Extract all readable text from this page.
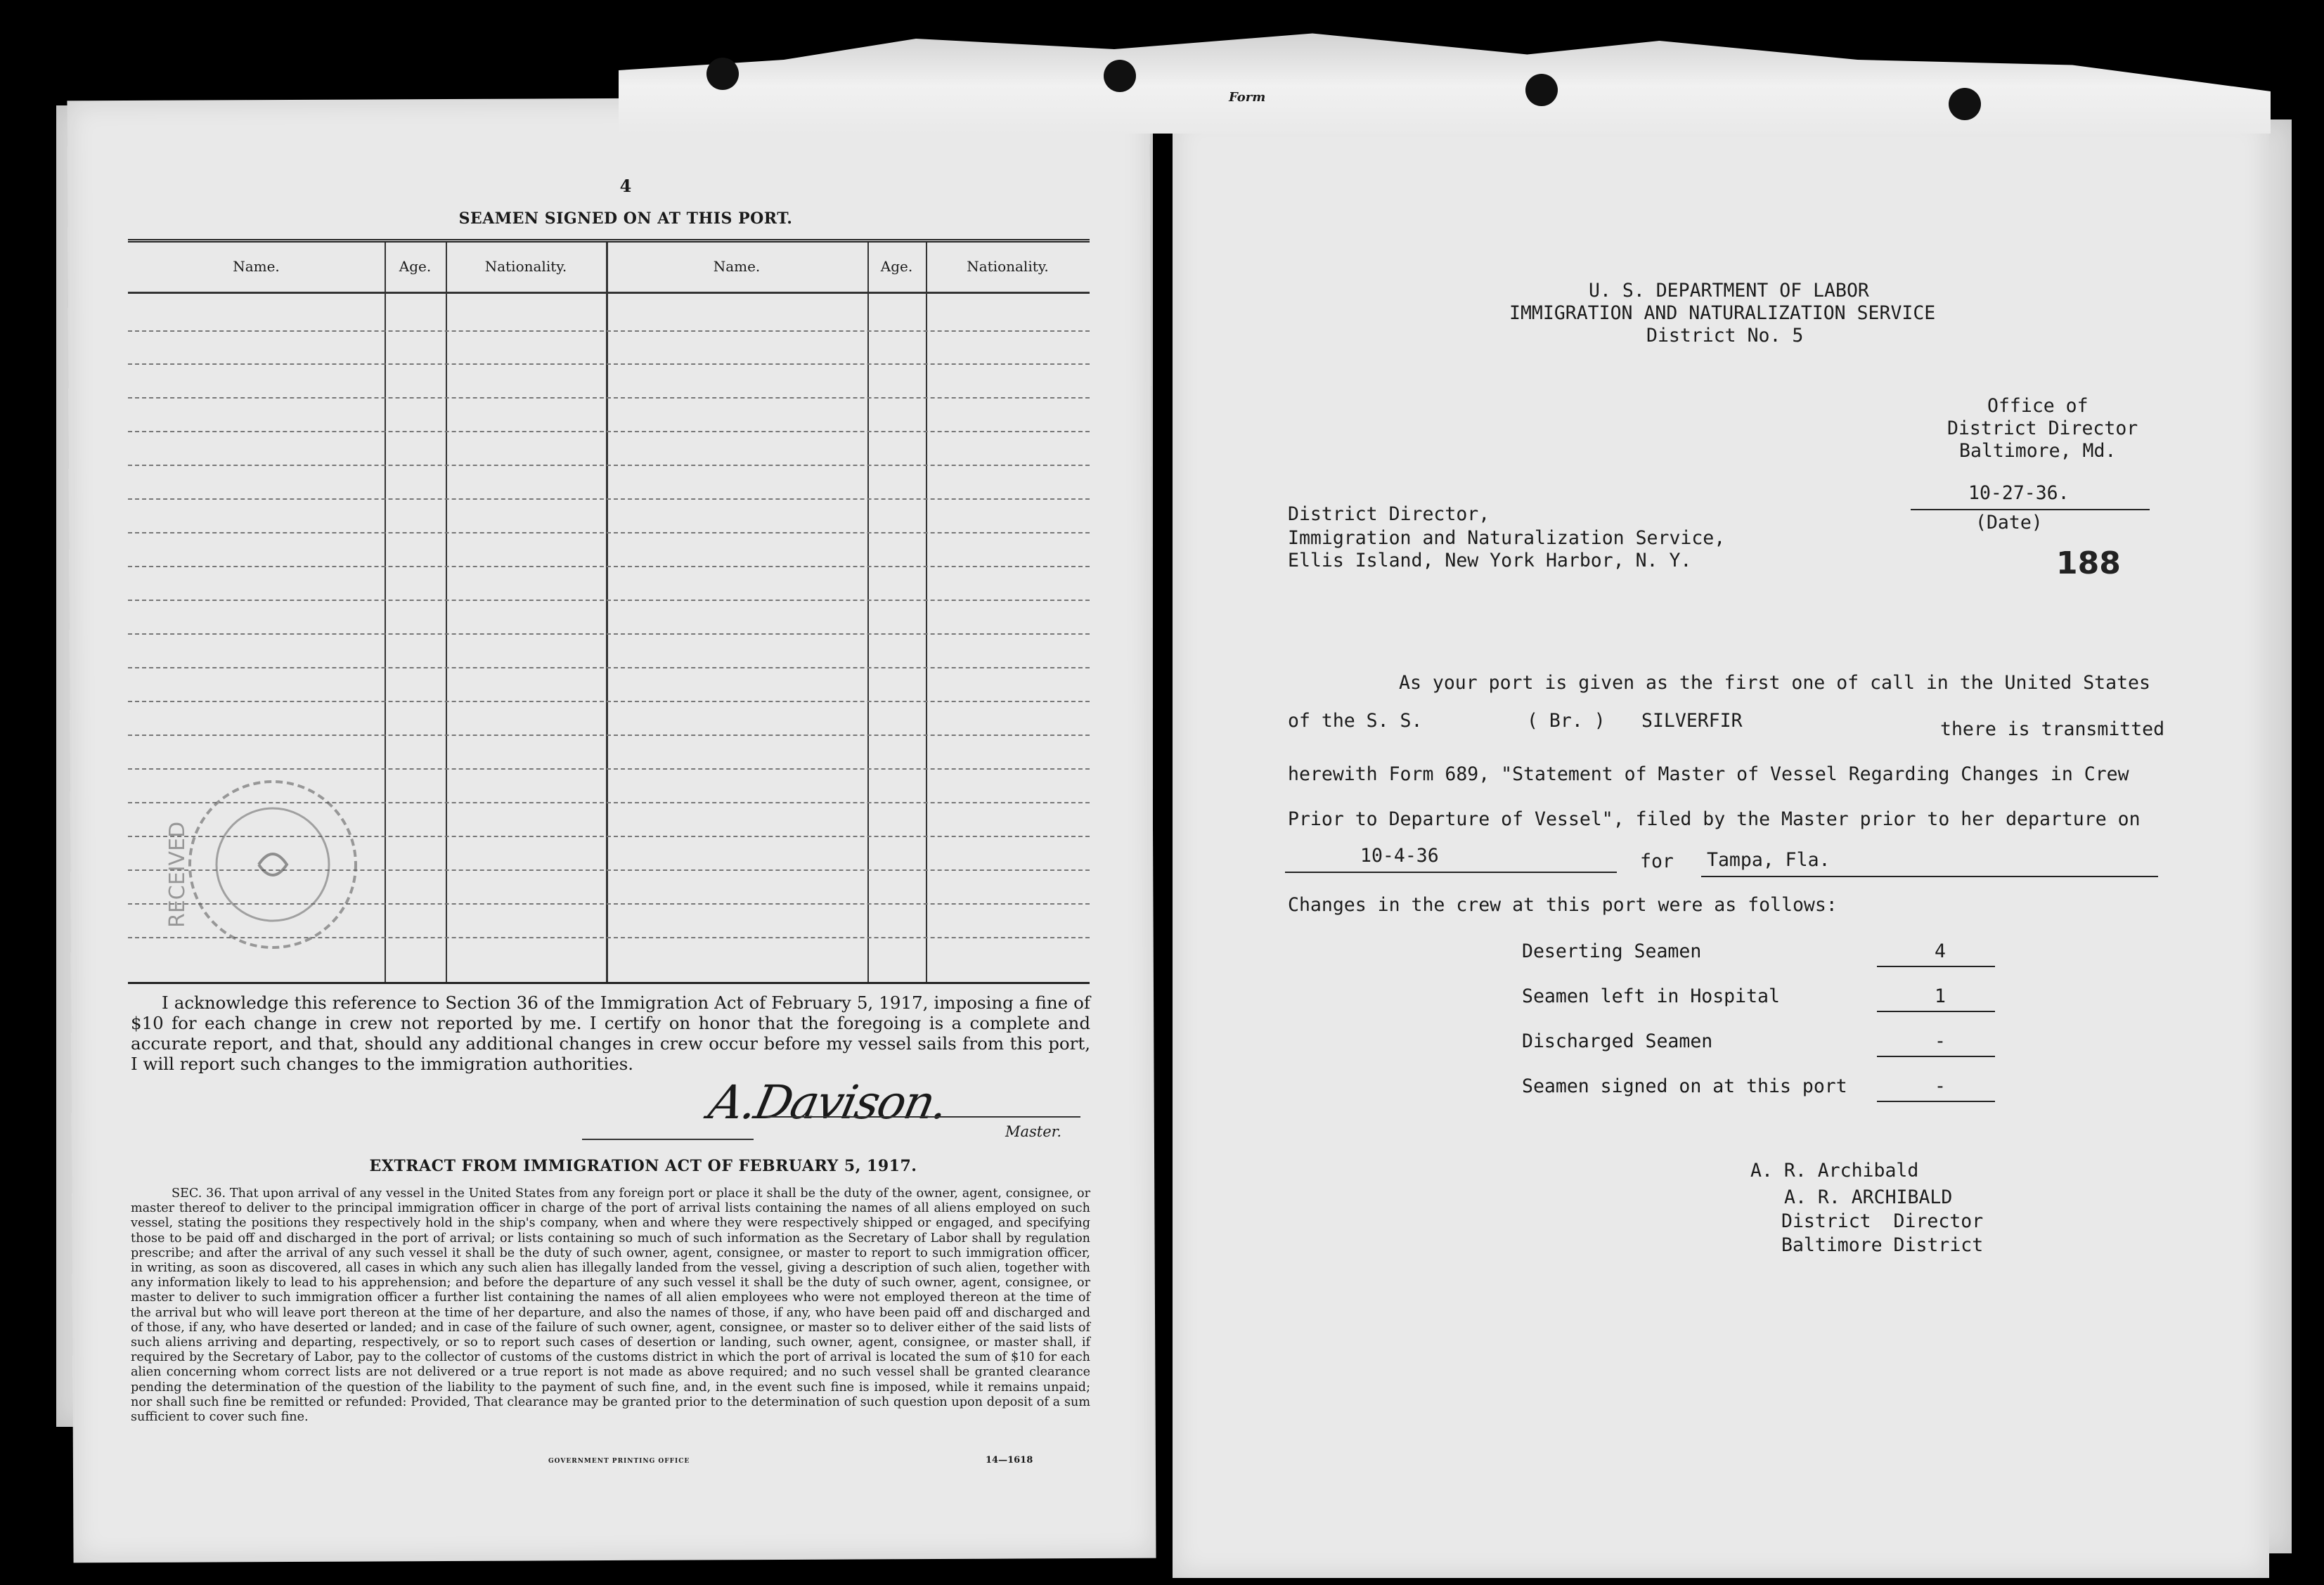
4
SEAMEN SIGNED ON AT THIS PORT.
Name.	Age.	Nationality.	Name.	Age.	Nationality.
RECEIVED
I acknowledge this reference to Section 36 of the Immigration Act of February 5, 1917, imposing a fine of $10 for each change in crew not reported by me. I certify on honor that the foregoing is a complete and accurate report, and that, should any additional changes in crew occur before my vessel sails from this port, I will report such changes to the immigration authorities.
A.Davison.
Master.
EXTRACT FROM IMMIGRATION ACT OF FEBRUARY 5, 1917.
SEC. 36. That upon arrival of any vessel in the United States from any foreign port or place it shall be the duty of the owner, agent, consignee, or master thereof to deliver to the principal immigration officer in charge of the port of arrival lists containing the names of all aliens employed on such vessel, stating the positions they respectively hold in the ship's company, when and where they were respectively shipped or engaged, and specifying those to be paid off and discharged in the port of arrival; or lists containing so much of such information as the Secretary of Labor shall by regulation prescribe; and after the arrival of any such vessel it shall be the duty of such owner, agent, consignee, or master to report to such immigration officer, in writing, as soon as discovered, all cases in which any such alien has illegally landed from the vessel, giving a description of such alien, together with any information likely to lead to his apprehension; and before the departure of any such vessel it shall be the duty of such owner, agent, consignee, or master to deliver to such immigration officer a further list containing the names of all alien employees who were not employed thereon at the time of the arrival but who will leave port thereon at the time of her departure, and also the names of those, if any, who have been paid off and discharged and of those, if any, who have deserted or landed; and in case of the failure of such owner, agent, consignee, or master so to deliver either of the said lists of such aliens arriving and departing, respectively, or so to report such cases of desertion or landing, such owner, agent, consignee, or master shall, if required by the Secretary of Labor, pay to the collector of customs of the customs district in which the port of arrival is located the sum of $10 for each alien concerning whom correct lists are not delivered or a true report is not made as above required; and no such vessel shall be granted clearance pending the determination of the question of the liability to the payment of such fine, and, in the event such fine is imposed, while it remains unpaid; nor shall such fine be remitted or refunded: Provided, That clearance may be granted prior to the determination of such question upon deposit of a sum sufficient to cover such fine.
GOVERNMENT PRINTING OFFICE	14—1618
Form
U. S. DEPARTMENT OF LABOR
IMMIGRATION AND NATURALIZATION SERVICE
District No. 5
Office of
District Director
Baltimore, Md.
10-27-36.
(Date)
188
District Director,
Immigration and Naturalization Service,
Ellis Island, New York Harbor, N. Y.
As your port is given as the first one of call in the United States
of the S. S.	( Br. ) SILVERFIR	there is transmitted
herewith Form 689, "Statement of Master of Vessel Regarding Changes in Crew
Prior to Departure of Vessel", filed by the Master prior to her departure on
10-4-36	for Tampa, Fla.
Changes in the crew at this port were as follows:
Deserting Seamen	4
Seamen left in Hospital	1
Discharged Seamen	-
Seamen signed on at this port	-
A. R. Archibald
A. R. ARCHIBALD
District  Director
Baltimore District
